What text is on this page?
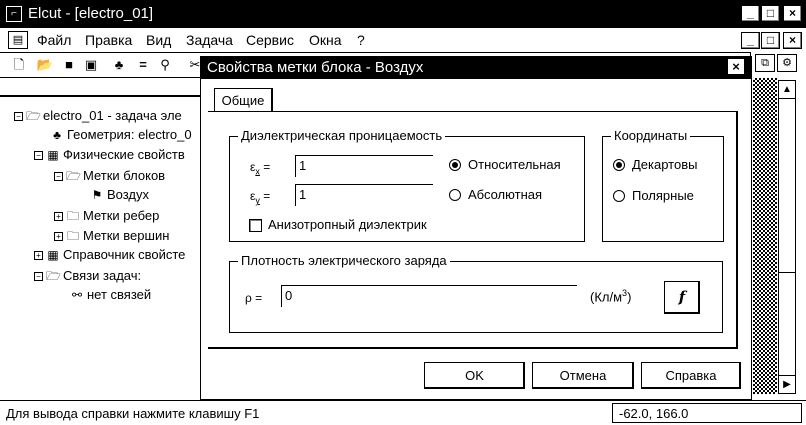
⌐ Elcut - [electro_01]	_	□	×
▤ Файл Правка Вид Задача Сервис Окна ?	_	□	×
🗋 📂 ■ ▣	♣	=	⚲	✂
− 🗁 electro_01 - задача эле
♣ Геометрия: electro_0
− ▦ Физические свойств
− 🗁 Метки блоков
⚑ Воздух
+ 🗀 Метки ребер
+ 🗀 Метки вершин
+ ▦ Справочник свойсте
− 🗁 Связи задач:
⚯ нет связей
⧉	⚙
▲
▶
Свойства метки блока - Воздух	×
Общие
Диэлектрическая проницаемость
$\varepsilon_x$ =	1
$\varepsilon_y$ =	1
Относительная
Абсолютная
Анизотропный диэлектрик
Координаты
Декартовы
Полярные
Плотность электрического заряда
ρ =	0	$(Кл/м^3)$	f
OK	Отмена	Справка
Для вывода справки нажмите клавишу F1	-62.0, 166.0
